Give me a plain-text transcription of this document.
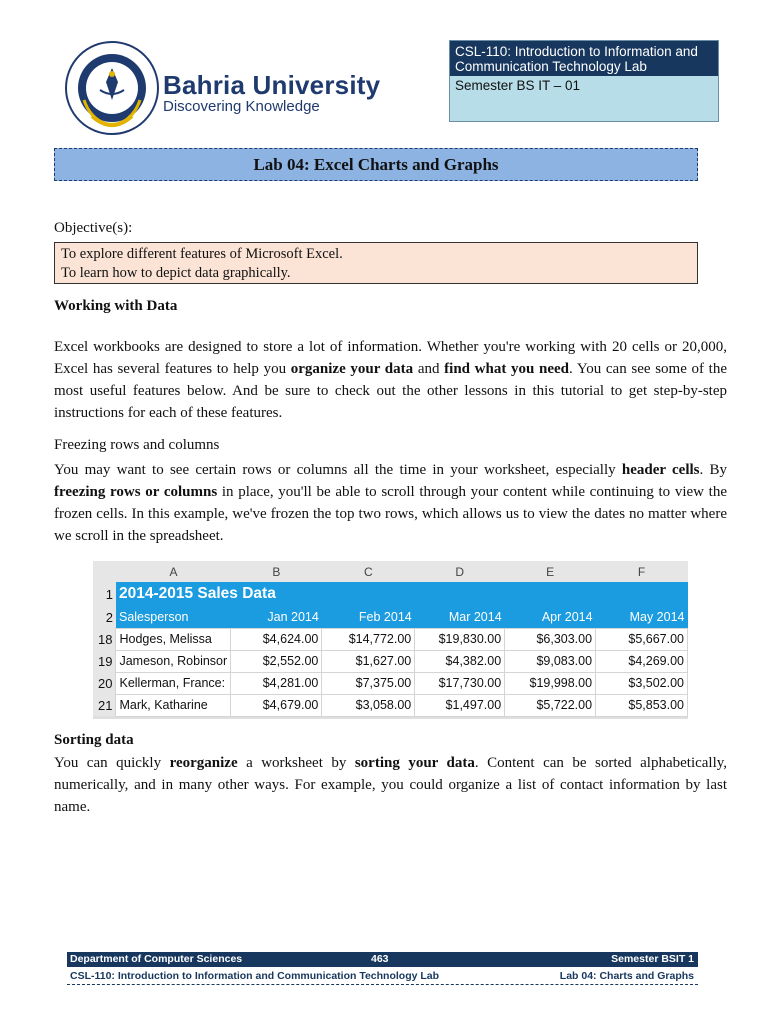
Bahria University
Discovering Knowledge
CSL-110: Introduction to Information and
Communication Technology Lab
Semester BS IT – 01
Lab 04: Excel Charts and Graphs
Objective(s):
To explore different features of Microsoft Excel.
To learn how to depict data graphically.
Working with Data
Excel workbooks are designed to store a lot of information. Whether you're working with 20 cells or 20,000, Excel has several features to help you organize your data and find what you need. You can see some of the most useful features below. And be sure to check out the other lessons in this tutorial to get step-by-step instructions for each of these features.
Freezing rows and columns
You may want to see certain rows or columns all the time in your worksheet, especially header cells. By freezing rows or columns in place, you'll be able to scroll through your content while continuing to view the frozen cells. In this example, we've frozen the top two rows, which allows us to view the dates no matter where we scroll in the spreadsheet.
	A	B	C	D	E	F
1	2014-2015 Sales Data					
2	Salesperson	Jan 2014	Feb 2014	Mar 2014	Apr 2014	May 2014
18	Hodges, Melissa	$4,624.00	$14,772.00	$19,830.00	$6,303.00	$5,667.00
19	Jameson, Robinsor	$2,552.00	$1,627.00	$4,382.00	$9,083.00	$4,269.00
20	Kellerman, France:	$4,281.00	$7,375.00	$17,730.00	$19,998.00	$3,502.00
21	Mark, Katharine	$4,679.00	$3,058.00	$1,497.00	$5,722.00	$5,853.00
Sorting data
You can quickly reorganize a worksheet by sorting your data. Content can be sorted alphabetically, numerically, and in many other ways. For example, you could organize a list of contact information by last name.
Department of Computer Sciences	463	Semester BSIT 1
CSL-110: Introduction to Information and Communication Technology Lab	Lab 04: Charts and Graphs
